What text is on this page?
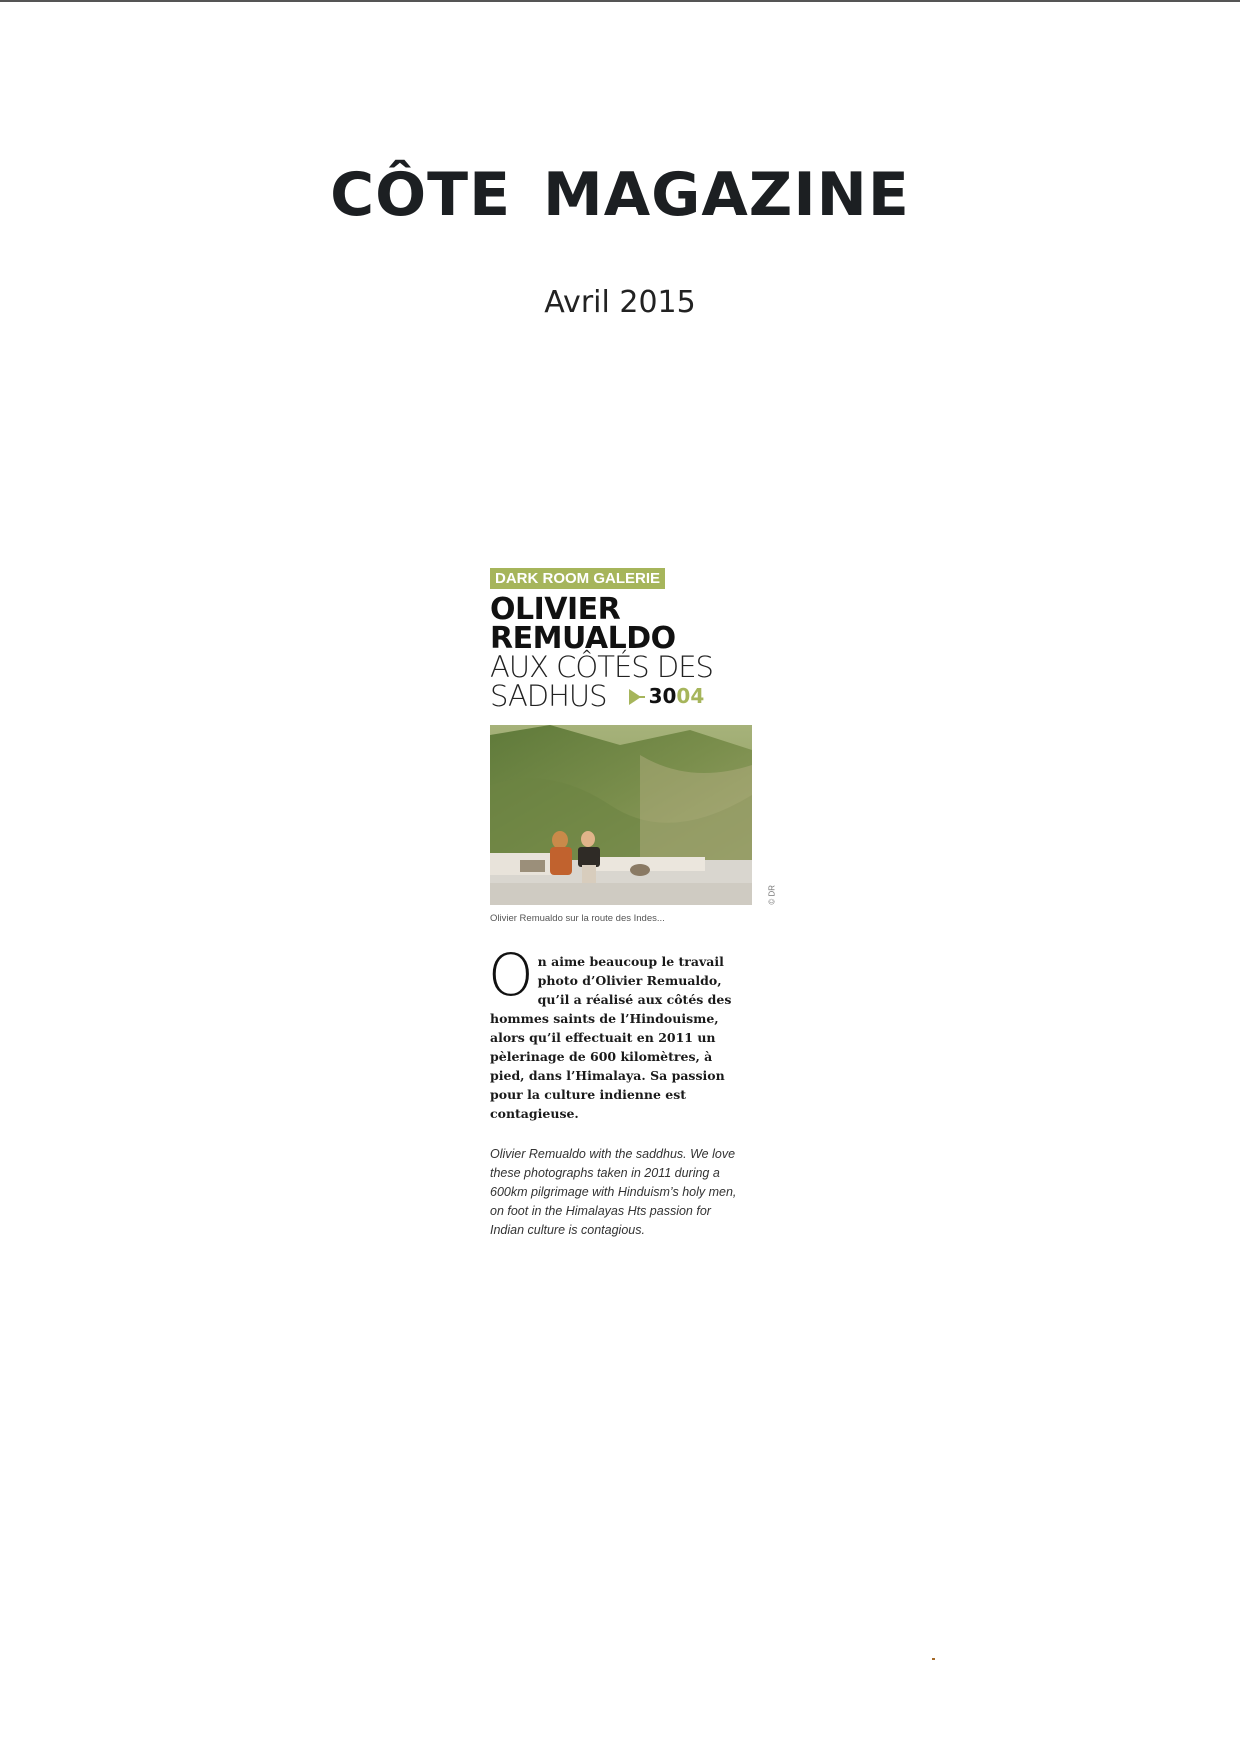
CÔTE MAGAZINE
Avril 2015
DARK ROOM GALERIE
OLIVIER
REMUALDO
AUX CÔTÉS DES
SADHUS 30 04
© DR
Olivier Remualdo sur la route des Indes...
O n aime beaucoup le travail photo d’Olivier Remualdo, qu’il a réalisé aux côtés des hommes saints de l’Hindouisme, alors qu’il effectuait en 2011 un pèlerinage de 600 kilomètres, à pied, dans l’Himalaya. Sa passion pour la culture indienne est contagieuse.
Olivier Remualdo with the saddhus. We love these photographs taken in 2011 during a 600km pilgrimage with Hinduism’s holy men, on foot in the Himalayas Hts passion for Indian culture is contagious.
